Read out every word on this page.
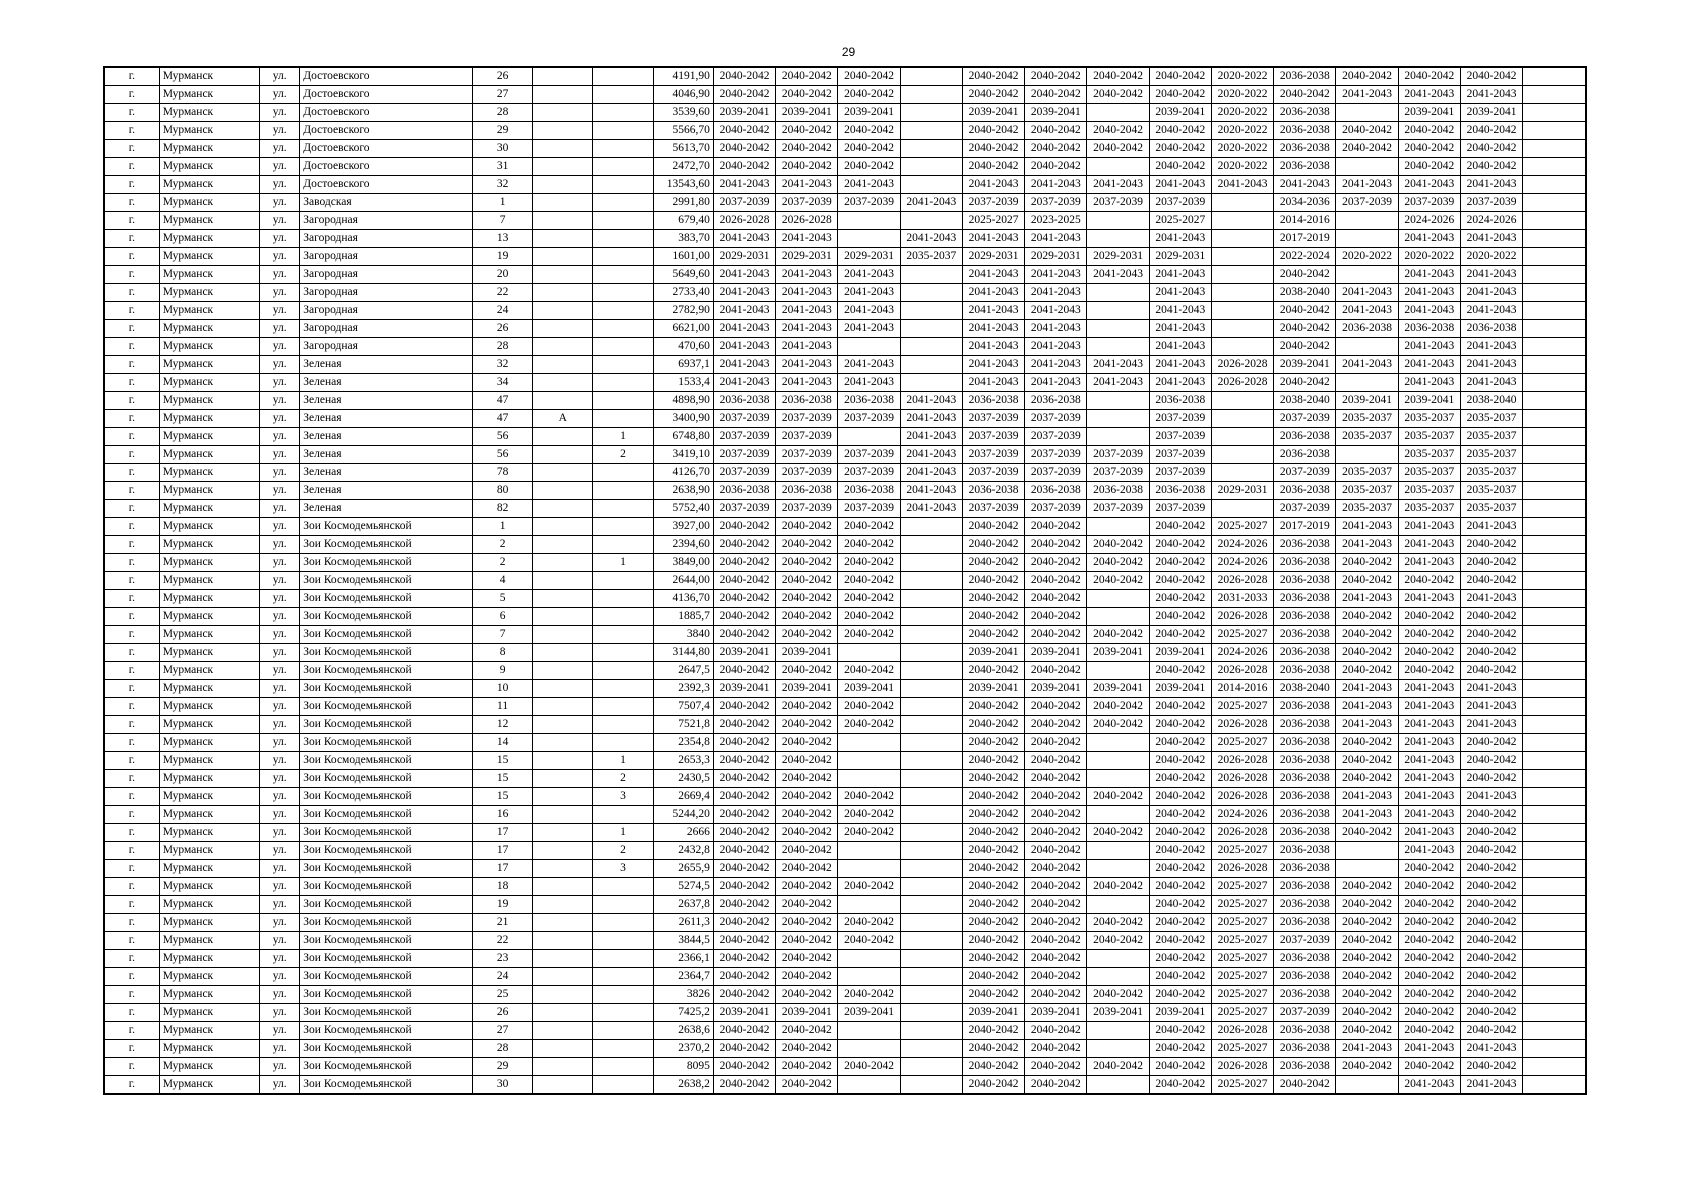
29
г.	Мурманск	ул.	Достоевского	26			4191,90	2040-2042	2040-2042	2040-2042		2040-2042	2040-2042	2040-2042	2040-2042	2020-2022	2036-2038	2040-2042	2040-2042	2040-2042	
г.	Мурманск	ул.	Достоевского	27			4046,90	2040-2042	2040-2042	2040-2042		2040-2042	2040-2042	2040-2042	2040-2042	2020-2022	2040-2042	2041-2043	2041-2043	2041-2043	
г.	Мурманск	ул.	Достоевского	28			3539,60	2039-2041	2039-2041	2039-2041		2039-2041	2039-2041		2039-2041	2020-2022	2036-2038		2039-2041	2039-2041	
г.	Мурманск	ул.	Достоевского	29			5566,70	2040-2042	2040-2042	2040-2042		2040-2042	2040-2042	2040-2042	2040-2042	2020-2022	2036-2038	2040-2042	2040-2042	2040-2042	
г.	Мурманск	ул.	Достоевского	30			5613,70	2040-2042	2040-2042	2040-2042		2040-2042	2040-2042	2040-2042	2040-2042	2020-2022	2036-2038	2040-2042	2040-2042	2040-2042	
г.	Мурманск	ул.	Достоевского	31			2472,70	2040-2042	2040-2042	2040-2042		2040-2042	2040-2042		2040-2042	2020-2022	2036-2038		2040-2042	2040-2042	
г.	Мурманск	ул.	Достоевского	32			13543,60	2041-2043	2041-2043	2041-2043		2041-2043	2041-2043	2041-2043	2041-2043	2041-2043	2041-2043	2041-2043	2041-2043	2041-2043	
г.	Мурманск	ул.	Заводская	1			2991,80	2037-2039	2037-2039	2037-2039	2041-2043	2037-2039	2037-2039	2037-2039	2037-2039		2034-2036	2037-2039	2037-2039	2037-2039	
г.	Мурманск	ул.	Загородная	7			679,40	2026-2028	2026-2028			2025-2027	2023-2025		2025-2027		2014-2016		2024-2026	2024-2026	
г.	Мурманск	ул.	Загородная	13			383,70	2041-2043	2041-2043		2041-2043	2041-2043	2041-2043		2041-2043		2017-2019		2041-2043	2041-2043	
г.	Мурманск	ул.	Загородная	19			1601,00	2029-2031	2029-2031	2029-2031	2035-2037	2029-2031	2029-2031	2029-2031	2029-2031		2022-2024	2020-2022	2020-2022	2020-2022	
г.	Мурманск	ул.	Загородная	20			5649,60	2041-2043	2041-2043	2041-2043		2041-2043	2041-2043	2041-2043	2041-2043		2040-2042		2041-2043	2041-2043	
г.	Мурманск	ул.	Загородная	22			2733,40	2041-2043	2041-2043	2041-2043		2041-2043	2041-2043		2041-2043		2038-2040	2041-2043	2041-2043	2041-2043	
г.	Мурманск	ул.	Загородная	24			2782,90	2041-2043	2041-2043	2041-2043		2041-2043	2041-2043		2041-2043		2040-2042	2041-2043	2041-2043	2041-2043	
г.	Мурманск	ул.	Загородная	26			6621,00	2041-2043	2041-2043	2041-2043		2041-2043	2041-2043		2041-2043		2040-2042	2036-2038	2036-2038	2036-2038	
г.	Мурманск	ул.	Загородная	28			470,60	2041-2043	2041-2043			2041-2043	2041-2043		2041-2043		2040-2042		2041-2043	2041-2043	
г.	Мурманск	ул.	Зеленая	32			6937,1	2041-2043	2041-2043	2041-2043		2041-2043	2041-2043	2041-2043	2041-2043	2026-2028	2039-2041	2041-2043	2041-2043	2041-2043	
г.	Мурманск	ул.	Зеленая	34			1533,4	2041-2043	2041-2043	2041-2043		2041-2043	2041-2043	2041-2043	2041-2043	2026-2028	2040-2042		2041-2043	2041-2043	
г.	Мурманск	ул.	Зеленая	47			4898,90	2036-2038	2036-2038	2036-2038	2041-2043	2036-2038	2036-2038		2036-2038		2038-2040	2039-2041	2039-2041	2038-2040	
г.	Мурманск	ул.	Зеленая	47	А		3400,90	2037-2039	2037-2039	2037-2039	2041-2043	2037-2039	2037-2039		2037-2039		2037-2039	2035-2037	2035-2037	2035-2037	
г.	Мурманск	ул.	Зеленая	56		1	6748,80	2037-2039	2037-2039		2041-2043	2037-2039	2037-2039		2037-2039		2036-2038	2035-2037	2035-2037	2035-2037	
г.	Мурманск	ул.	Зеленая	56		2	3419,10	2037-2039	2037-2039	2037-2039	2041-2043	2037-2039	2037-2039	2037-2039	2037-2039		2036-2038		2035-2037	2035-2037	
г.	Мурманск	ул.	Зеленая	78			4126,70	2037-2039	2037-2039	2037-2039	2041-2043	2037-2039	2037-2039	2037-2039	2037-2039		2037-2039	2035-2037	2035-2037	2035-2037	
г.	Мурманск	ул.	Зеленая	80			2638,90	2036-2038	2036-2038	2036-2038	2041-2043	2036-2038	2036-2038	2036-2038	2036-2038	2029-2031	2036-2038	2035-2037	2035-2037	2035-2037	
г.	Мурманск	ул.	Зеленая	82			5752,40	2037-2039	2037-2039	2037-2039	2041-2043	2037-2039	2037-2039	2037-2039	2037-2039		2037-2039	2035-2037	2035-2037	2035-2037	
г.	Мурманск	ул.	Зои Космодемьянской	1			3927,00	2040-2042	2040-2042	2040-2042		2040-2042	2040-2042		2040-2042	2025-2027	2017-2019	2041-2043	2041-2043	2041-2043	
г.	Мурманск	ул.	Зои Космодемьянской	2			2394,60	2040-2042	2040-2042	2040-2042		2040-2042	2040-2042	2040-2042	2040-2042	2024-2026	2036-2038	2041-2043	2041-2043	2040-2042	
г.	Мурманск	ул.	Зои Космодемьянской	2		1	3849,00	2040-2042	2040-2042	2040-2042		2040-2042	2040-2042	2040-2042	2040-2042	2024-2026	2036-2038	2040-2042	2041-2043	2040-2042	
г.	Мурманск	ул.	Зои Космодемьянской	4			2644,00	2040-2042	2040-2042	2040-2042		2040-2042	2040-2042	2040-2042	2040-2042	2026-2028	2036-2038	2040-2042	2040-2042	2040-2042	
г.	Мурманск	ул.	Зои Космодемьянской	5			4136,70	2040-2042	2040-2042	2040-2042		2040-2042	2040-2042		2040-2042	2031-2033	2036-2038	2041-2043	2041-2043	2041-2043	
г.	Мурманск	ул.	Зои Космодемьянской	6			1885,7	2040-2042	2040-2042	2040-2042		2040-2042	2040-2042		2040-2042	2026-2028	2036-2038	2040-2042	2040-2042	2040-2042	
г.	Мурманск	ул.	Зои Космодемьянской	7			3840	2040-2042	2040-2042	2040-2042		2040-2042	2040-2042	2040-2042	2040-2042	2025-2027	2036-2038	2040-2042	2040-2042	2040-2042	
г.	Мурманск	ул.	Зои Космодемьянской	8			3144,80	2039-2041	2039-2041			2039-2041	2039-2041	2039-2041	2039-2041	2024-2026	2036-2038	2040-2042	2040-2042	2040-2042	
г.	Мурманск	ул.	Зои Космодемьянской	9			2647,5	2040-2042	2040-2042	2040-2042		2040-2042	2040-2042		2040-2042	2026-2028	2036-2038	2040-2042	2040-2042	2040-2042	
г.	Мурманск	ул.	Зои Космодемьянской	10			2392,3	2039-2041	2039-2041	2039-2041		2039-2041	2039-2041	2039-2041	2039-2041	2014-2016	2038-2040	2041-2043	2041-2043	2041-2043	
г.	Мурманск	ул.	Зои Космодемьянской	11			7507,4	2040-2042	2040-2042	2040-2042		2040-2042	2040-2042	2040-2042	2040-2042	2025-2027	2036-2038	2041-2043	2041-2043	2041-2043	
г.	Мурманск	ул.	Зои Космодемьянской	12			7521,8	2040-2042	2040-2042	2040-2042		2040-2042	2040-2042	2040-2042	2040-2042	2026-2028	2036-2038	2041-2043	2041-2043	2041-2043	
г.	Мурманск	ул.	Зои Космодемьянской	14			2354,8	2040-2042	2040-2042			2040-2042	2040-2042		2040-2042	2025-2027	2036-2038	2040-2042	2041-2043	2040-2042	
г.	Мурманск	ул.	Зои Космодемьянской	15		1	2653,3	2040-2042	2040-2042			2040-2042	2040-2042		2040-2042	2026-2028	2036-2038	2040-2042	2041-2043	2040-2042	
г.	Мурманск	ул.	Зои Космодемьянской	15		2	2430,5	2040-2042	2040-2042			2040-2042	2040-2042		2040-2042	2026-2028	2036-2038	2040-2042	2041-2043	2040-2042	
г.	Мурманск	ул.	Зои Космодемьянской	15		3	2669,4	2040-2042	2040-2042	2040-2042		2040-2042	2040-2042	2040-2042	2040-2042	2026-2028	2036-2038	2041-2043	2041-2043	2041-2043	
г.	Мурманск	ул.	Зои Космодемьянской	16			5244,20	2040-2042	2040-2042	2040-2042		2040-2042	2040-2042		2040-2042	2024-2026	2036-2038	2041-2043	2041-2043	2040-2042	
г.	Мурманск	ул.	Зои Космодемьянской	17		1	2666	2040-2042	2040-2042	2040-2042		2040-2042	2040-2042	2040-2042	2040-2042	2026-2028	2036-2038	2040-2042	2041-2043	2040-2042	
г.	Мурманск	ул.	Зои Космодемьянской	17		2	2432,8	2040-2042	2040-2042			2040-2042	2040-2042		2040-2042	2025-2027	2036-2038		2041-2043	2040-2042	
г.	Мурманск	ул.	Зои Космодемьянской	17		3	2655,9	2040-2042	2040-2042			2040-2042	2040-2042		2040-2042	2026-2028	2036-2038		2040-2042	2040-2042	
г.	Мурманск	ул.	Зои Космодемьянской	18			5274,5	2040-2042	2040-2042	2040-2042		2040-2042	2040-2042	2040-2042	2040-2042	2025-2027	2036-2038	2040-2042	2040-2042	2040-2042	
г.	Мурманск	ул.	Зои Космодемьянской	19			2637,8	2040-2042	2040-2042			2040-2042	2040-2042		2040-2042	2025-2027	2036-2038	2040-2042	2040-2042	2040-2042	
г.	Мурманск	ул.	Зои Космодемьянской	21			2611,3	2040-2042	2040-2042	2040-2042		2040-2042	2040-2042	2040-2042	2040-2042	2025-2027	2036-2038	2040-2042	2040-2042	2040-2042	
г.	Мурманск	ул.	Зои Космодемьянской	22			3844,5	2040-2042	2040-2042	2040-2042		2040-2042	2040-2042	2040-2042	2040-2042	2025-2027	2037-2039	2040-2042	2040-2042	2040-2042	
г.	Мурманск	ул.	Зои Космодемьянской	23			2366,1	2040-2042	2040-2042			2040-2042	2040-2042		2040-2042	2025-2027	2036-2038	2040-2042	2040-2042	2040-2042	
г.	Мурманск	ул.	Зои Космодемьянской	24			2364,7	2040-2042	2040-2042			2040-2042	2040-2042		2040-2042	2025-2027	2036-2038	2040-2042	2040-2042	2040-2042	
г.	Мурманск	ул.	Зои Космодемьянской	25			3826	2040-2042	2040-2042	2040-2042		2040-2042	2040-2042	2040-2042	2040-2042	2025-2027	2036-2038	2040-2042	2040-2042	2040-2042	
г.	Мурманск	ул.	Зои Космодемьянской	26			7425,2	2039-2041	2039-2041	2039-2041		2039-2041	2039-2041	2039-2041	2039-2041	2025-2027	2037-2039	2040-2042	2040-2042	2040-2042	
г.	Мурманск	ул.	Зои Космодемьянской	27			2638,6	2040-2042	2040-2042			2040-2042	2040-2042		2040-2042	2026-2028	2036-2038	2040-2042	2040-2042	2040-2042	
г.	Мурманск	ул.	Зои Космодемьянской	28			2370,2	2040-2042	2040-2042			2040-2042	2040-2042		2040-2042	2025-2027	2036-2038	2041-2043	2041-2043	2041-2043	
г.	Мурманск	ул.	Зои Космодемьянской	29			8095	2040-2042	2040-2042	2040-2042		2040-2042	2040-2042	2040-2042	2040-2042	2026-2028	2036-2038	2040-2042	2040-2042	2040-2042	
г.	Мурманск	ул.	Зои Космодемьянской	30			2638,2	2040-2042	2040-2042			2040-2042	2040-2042		2040-2042	2025-2027	2040-2042		2041-2043	2041-2043	
